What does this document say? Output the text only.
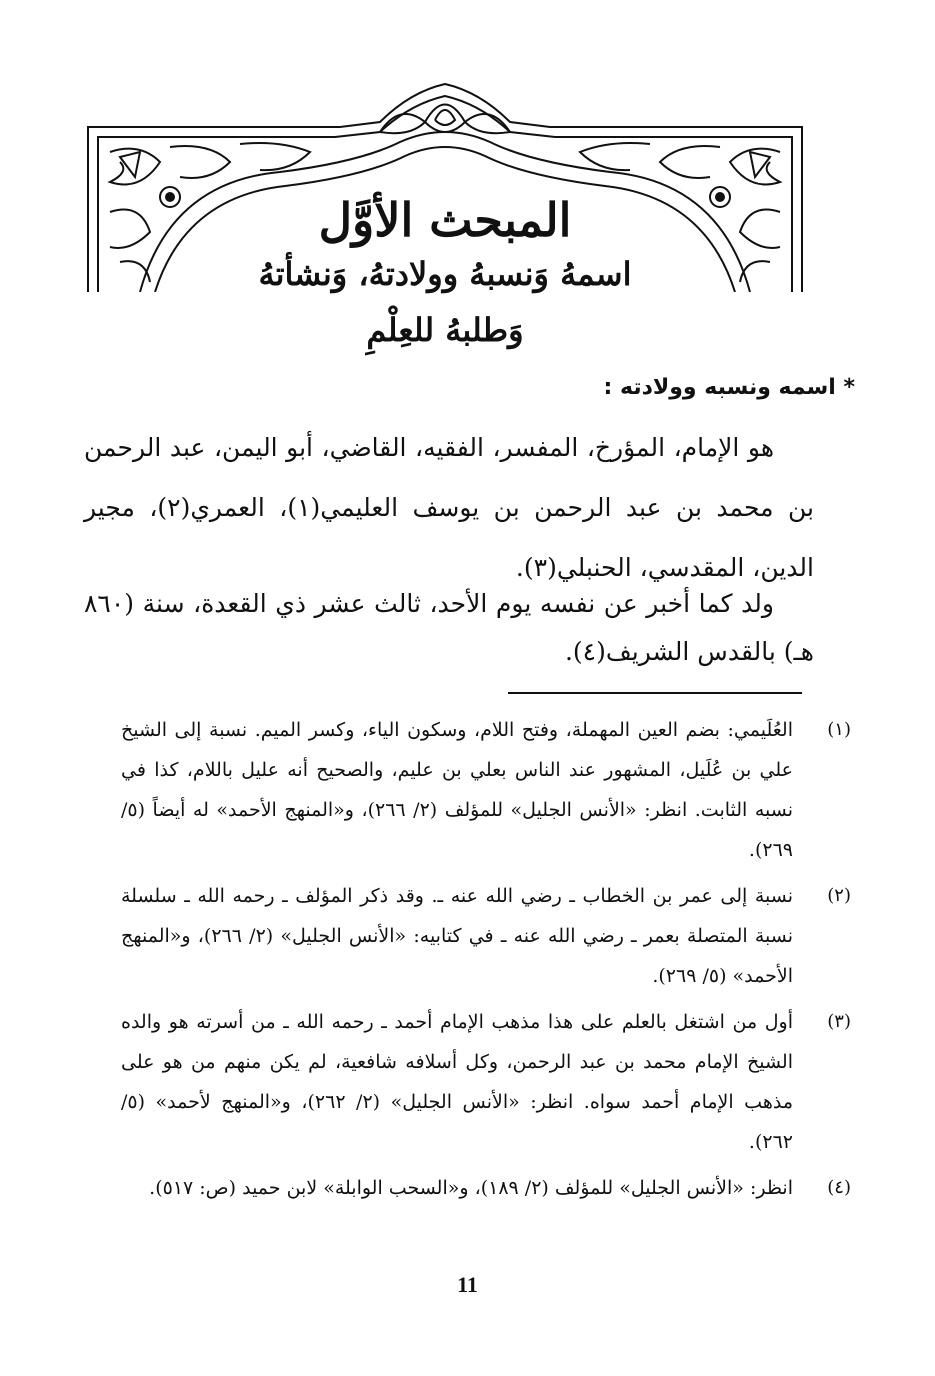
المبحث الأوَّل
اسمهُ وَنسبهُ وولادتهُ، وَنشأتهُ
وَطلبهُ للعِلْمِ
* اسمه ونسبه وولادته :
هو الإمام، المؤرخ، المفسر، الفقيه، القاضي، أبو اليمن، عبد الرحمن بن محمد بن عبد الرحمن بن يوسف العليمي(١)، العمري(٢)، مجير الدين، المقدسي، الحنبلي(٣).
ولد كما أخبر عن نفسه يوم الأحد، ثالث عشر ذي القعدة، سنة (٨٦٠ هـ) بالقدس الشريف(٤).
(١)
العُلَيمي: بضم العين المهملة، وفتح اللام، وسكون الياء، وكسر الميم. نسبة إلى الشيخ علي بن عُلَيل، المشهور عند الناس بعلي بن عليم، والصحيح أنه عليل باللام، كذا في نسبه الثابت. انظر: «الأنس الجليل» للمؤلف (٢/ ٢٦٦)، و«المنهج الأحمد» له أيضاً (٥/ ٢٦٩).
(٢)
نسبة إلى عمر بن الخطاب ـ رضي الله عنه ـ. وقد ذكر المؤلف ـ رحمه الله ـ سلسلة نسبة المتصلة بعمر ـ رضي الله عنه ـ في كتابيه: «الأنس الجليل» (٢/ ٢٦٦)، و«المنهج الأحمد» (٥/ ٢٦٩).
(٣)
أول من اشتغل بالعلم على هذا مذهب الإمام أحمد ـ رحمه الله ـ من أسرته هو والده الشيخ الإمام محمد بن عبد الرحمن، وكل أسلافه شافعية، لم يكن منهم من هو على مذهب الإمام أحمد سواه. انظر: «الأنس الجليل» (٢/ ٢٦٢)، و«المنهج لأحمد» (٥/ ٢٦٢).
(٤)
انظر: «الأنس الجليل» للمؤلف (٢/ ١٨٩)، و«السحب الوابلة» لابن حميد (ص: ٥١٧).
11
